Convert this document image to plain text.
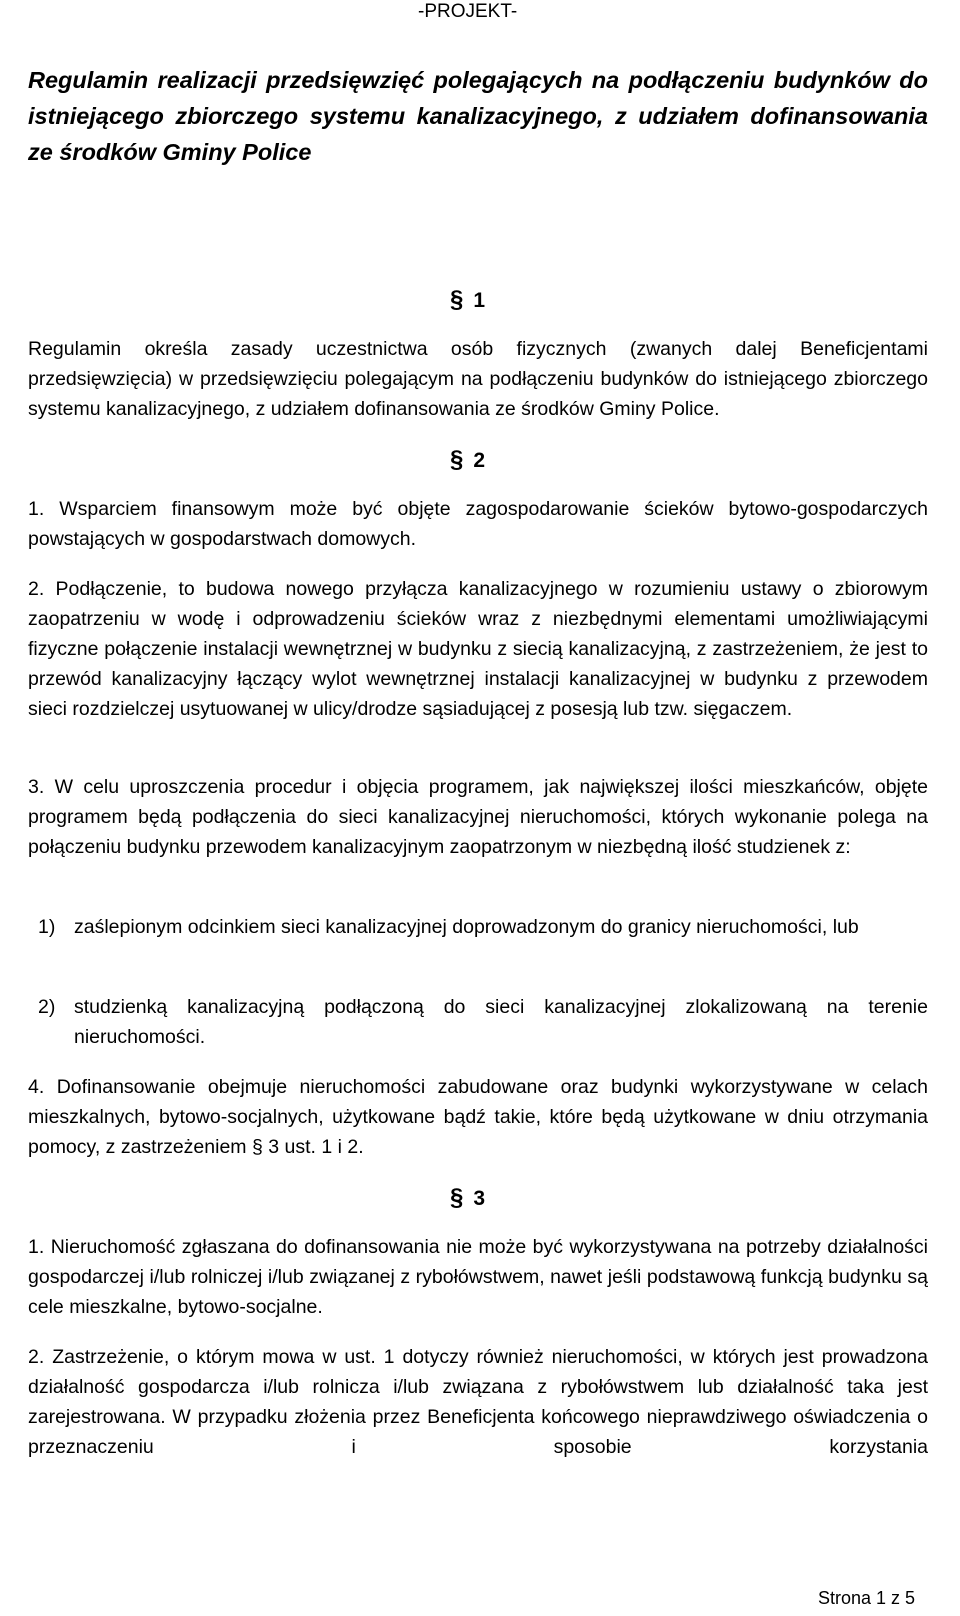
-PROJEKT-

Regulamin realizacji przedsięwzięć polegających na podłączeniu budynków do istniejącego zbiorczego systemu kanalizacyjnego, z udziałem dofinansowania ze środków Gminy Police

§ 1

Regulamin określa zasady uczestnictwa osób fizycznych (zwanych dalej Beneficjentami przedsięwzięcia) w przedsięwzięciu polegającym na podłączeniu budynków do istniejącego zbiorczego systemu kanalizacyjnego, z udziałem dofinansowania ze środków Gminy Police.

§ 2

1. Wsparciem finansowym może być objęte zagospodarowanie ścieków bytowo-gospodarczych powstających w gospodarstwach domowych.

2. Podłączenie, to budowa nowego przyłącza kanalizacyjnego w rozumieniu ustawy o zbiorowym zaopatrzeniu w wodę i odprowadzeniu ścieków wraz z niezbędnymi elementami umożliwiającymi fizyczne połączenie instalacji wewnętrznej w budynku z siecią kanalizacyjną, z zastrzeżeniem, że jest to przewód kanalizacyjny łączący wylot wewnętrznej instalacji kanalizacyjnej w budynku z przewodem sieci rozdzielczej usytuowanej w ulicy/drodze sąsiadującej z posesją lub tzw. sięgaczem.

3. W celu uproszczenia procedur i objęcia programem, jak największej ilości mieszkańców, objęte programem będą podłączenia do sieci kanalizacyjnej nieruchomości, których wykonanie polega na połączeniu budynku przewodem kanalizacyjnym zaopatrzonym w niezbędną ilość studzienek z:

1) zaślepionym odcinkiem sieci kanalizacyjnej doprowadzonym do granicy nieruchomości, lub
2) studzienką kanalizacyjną podłączoną do sieci kanalizacyjnej zlokalizowaną na terenie nieruchomości.

4. Dofinansowanie obejmuje nieruchomości zabudowane oraz budynki wykorzystywane w celach mieszkalnych, bytowo-socjalnych, użytkowane bądź takie, które będą użytkowane w dniu otrzymania pomocy, z zastrzeżeniem § 3 ust. 1 i 2.

§ 3

1. Nieruchomość zgłaszana do dofinansowania nie może być wykorzystywana na potrzeby działalności gospodarczej i/lub rolniczej i/lub związanej z rybołówstwem, nawet jeśli podstawową funkcją budynku są cele mieszkalne, bytowo-socjalne.

2. Zastrzeżenie, o którym mowa w ust. 1 dotyczy również nieruchomości, w których jest prowadzona działalność gospodarcza i/lub rolnicza i/lub związana z rybołówstwem lub działalność taka jest zarejestrowana. W przypadku złożenia przez Beneficjenta końcowego nieprawdziwego oświadczenia o przeznaczeniu i sposobie korzystania

Strona 1 z 5
